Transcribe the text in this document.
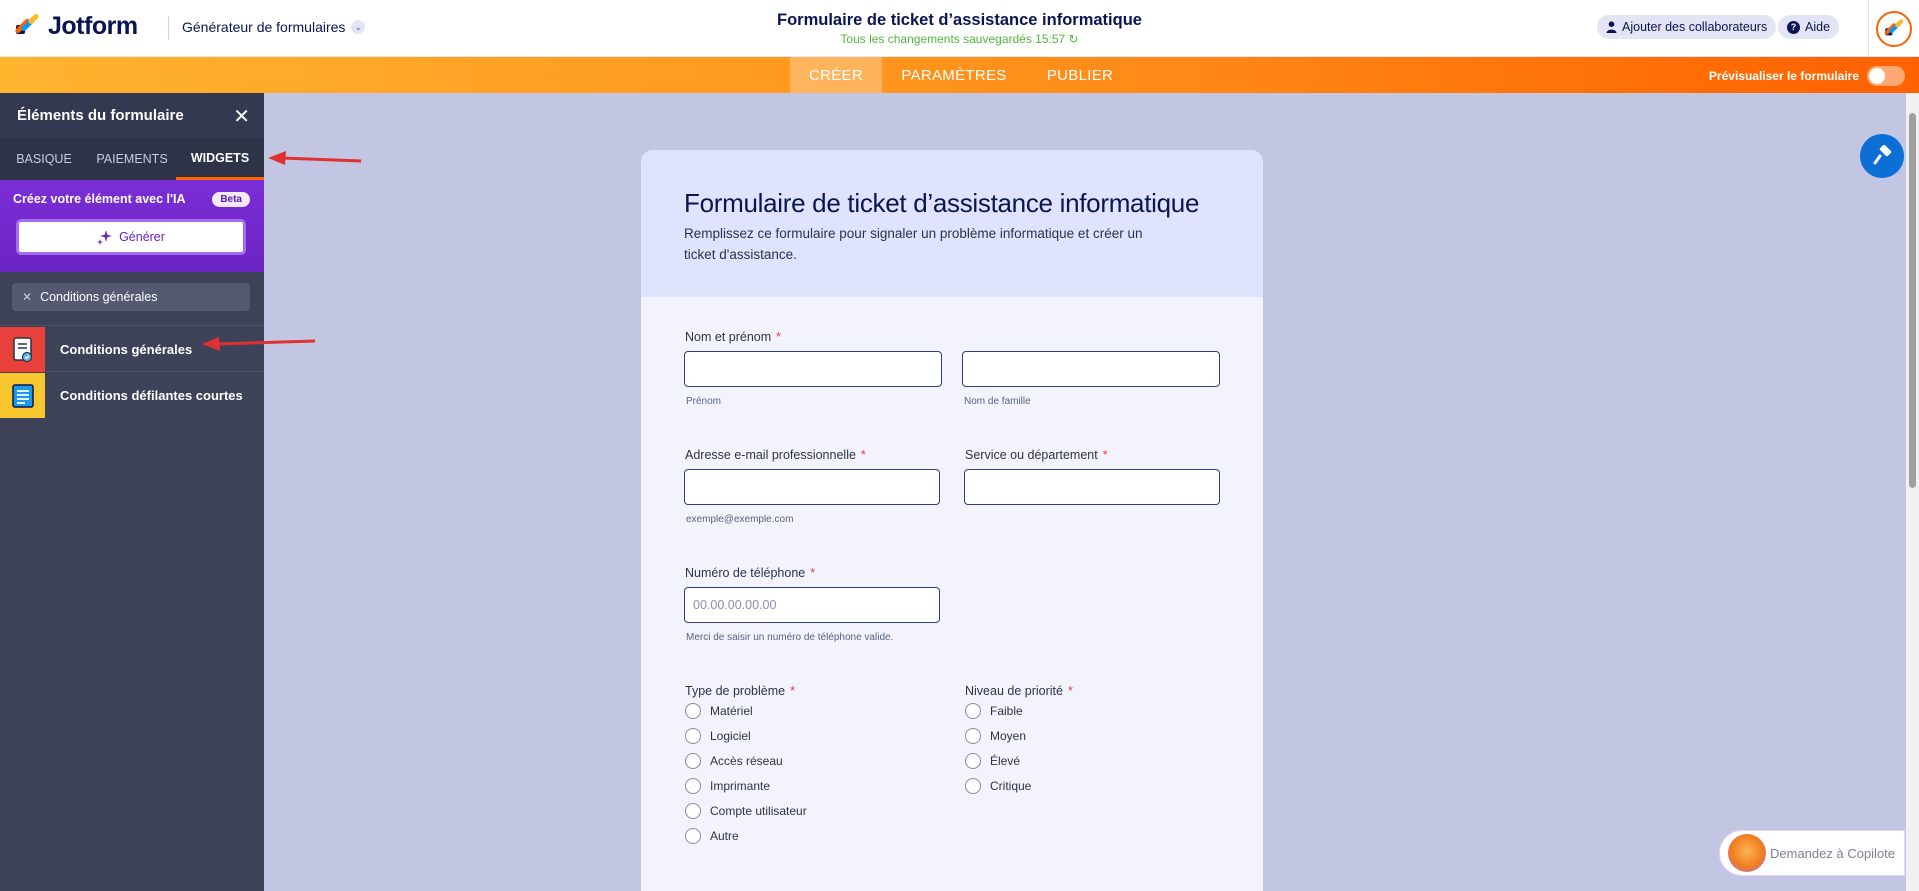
Jotform	Générateur de formulaires	⌄	Formulaire de ticket d’assistance informatique
Tous les changements sauvegardés 15:57 ↻
Ajouter des collaborateurs	? Aide
CRÉER	PARAMÈTRES	PUBLIER	Prévisualiser le formulaire
Éléments du formulaire ✕
BASIQUE	PAIEMENTS	WIDGETS
Créez votre élément avec l'IA	Beta
Générer
✕ Conditions générales
Conditions générales
Conditions défilantes courtes
Formulaire de ticket d’assistance informatique
Remplissez ce formulaire pour signaler un problème informatique et créer un ticket d'assistance.
Nom et prénom *
Prénom	Nom de famille
Adresse e-mail professionnelle *
exemple@exemple.com
Service ou département *
Numéro de téléphone *
00.00.00.00.00
Merci de saisir un numéro de téléphone valide.
Type de problème *
Matériel
Logiciel
Accès réseau
Imprimante
Compte utilisateur
Autre
Niveau de priorité *
Faible
Moyen
Élevé
Critique
Demandez à Copilote
